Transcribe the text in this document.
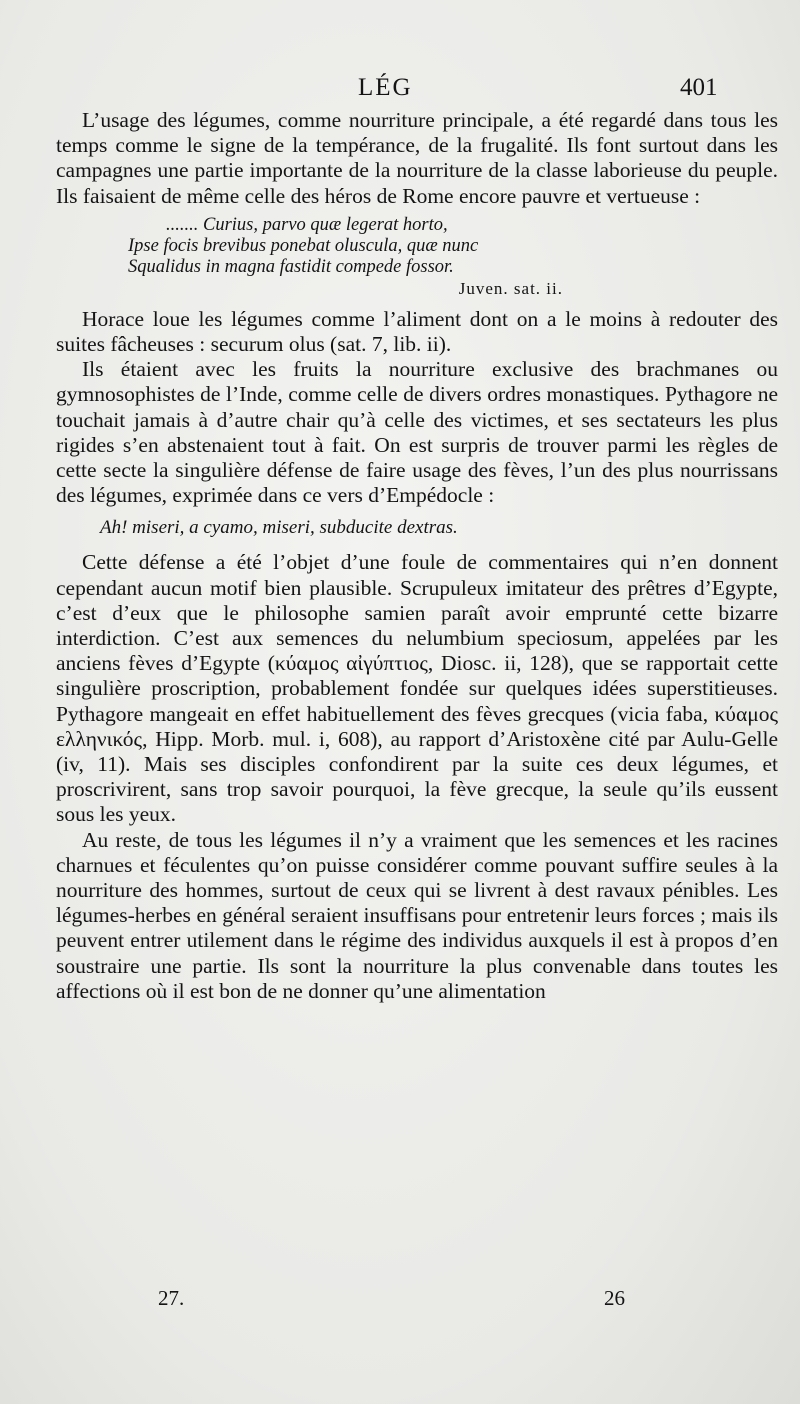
LÉG	401

L’usage des légumes, comme nourriture principale, a été regardé dans tous les temps comme le signe de la tempérance, de la frugalité. Ils font surtout dans les campagnes une partie importante de la nourriture de la classe laborieuse du peuple. Ils faisaient de même celle des héros de Rome encore pauvre et vertueuse :

....... Curius, parvo quæ legerat horto,
Ipse focis brevibus ponebat oluscula, quæ nunc
Squalidus in magna fastidit compede fossor.
Juven. sat. ii.

Horace loue les légumes comme l’aliment dont on a le moins à redouter des suites fâcheuses : securum olus (sat. 7, lib. ii).

Ils étaient avec les fruits la nourriture exclusive des brachmanes ou gymnosophistes de l’Inde, comme celle de divers ordres monastiques. Pythagore ne touchait jamais à d’autre chair qu’à celle des victimes, et ses sectateurs les plus rigides s’en abstenaient tout à fait. On est surpris de trouver parmi les règles de cette secte la singulière défense de faire usage des fèves, l’un des plus nourrissans des légumes, exprimée dans ce vers d’Empédocle :

Ah! miseri, a cyamo, miseri, subducite dextras.

Cette défense a été l’objet d’une foule de commentaires qui n’en donnent cependant aucun motif bien plausible. Scrupuleux imitateur des prêtres d’Egypte, c’est d’eux que le philosophe samien paraît avoir emprunté cette bizarre interdiction. C’est aux semences du nelumbium speciosum, appelées par les anciens fèves d’Egypte (κύαμος αἰγύπτιος, Diosc. ii, 128), que se rapportait cette singulière proscription, probablement fondée sur quelques idées superstitieuses. Pythagore mangeait en effet habituellement des fèves grecques (vicia faba, κύαμος ελληνικός, Hipp. Morb. mul. i, 608), au rapport d’Aristoxène cité par Aulu-Gelle (iv, 11). Mais ses disciples confondirent par la suite ces deux légumes, et proscrivirent, sans trop savoir pourquoi, la fève grecque, la seule qu’ils eussent sous les yeux.

Au reste, de tous les légumes il n’y a vraiment que les semences et les racines charnues et féculentes qu’on puisse considérer comme pouvant suffire seules à la nourriture des hommes, surtout de ceux qui se livrent à dest ravaux pénibles. Les légumes-herbes en général seraient insuffisans pour entretenir leurs forces ; mais ils peuvent entrer utilement dans le régime des individus auxquels il est à propos d’en soustraire une partie. Ils sont la nourriture la plus convenable dans toutes les affections où il est bon de ne donner qu’une alimentation

27.	26
